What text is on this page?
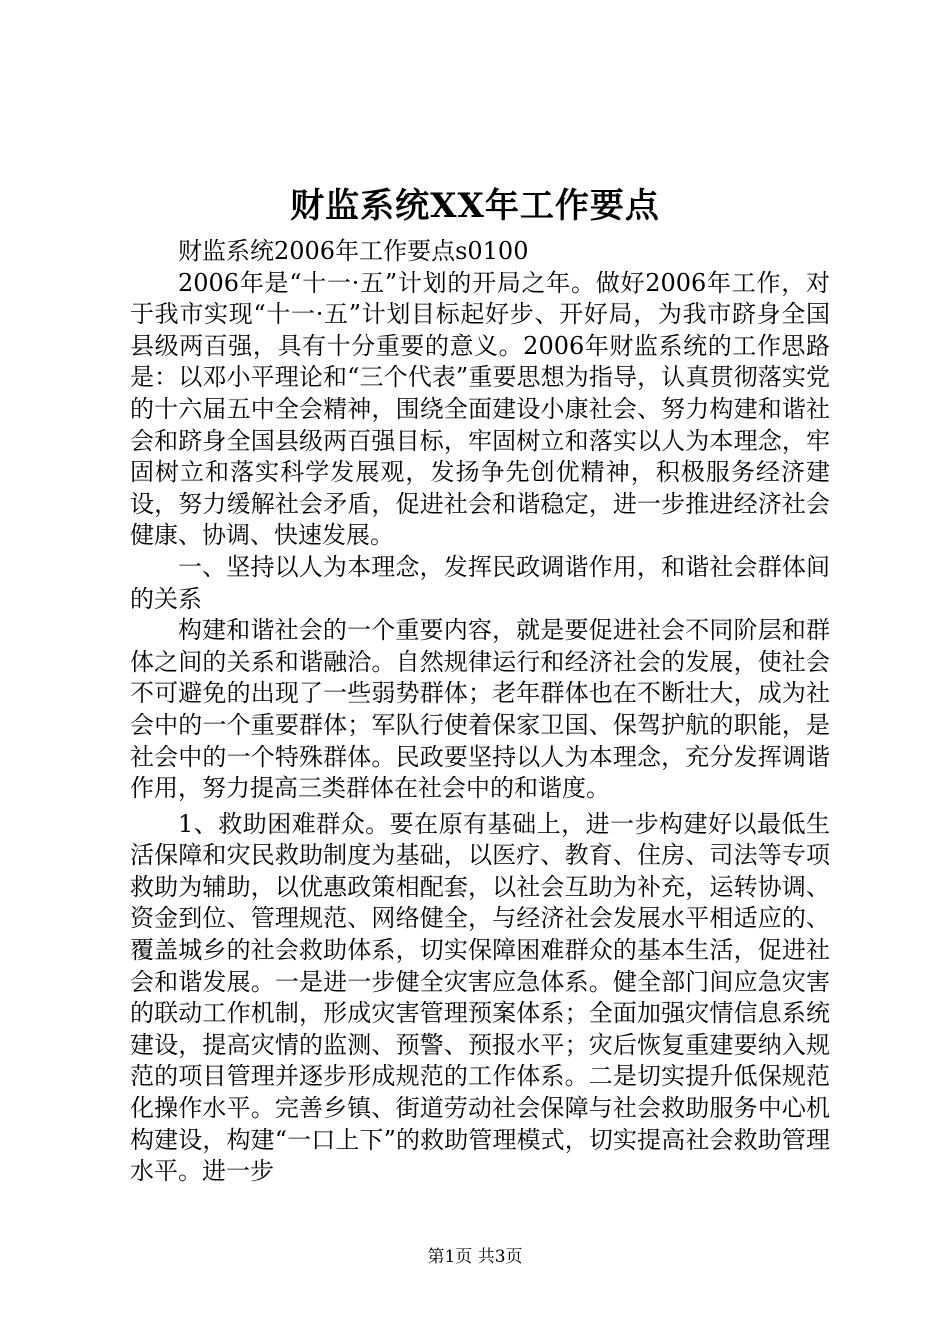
财监系统XX年工作要点

财监系统2006年工作要点s0100

2006年是“十一·五”计划的开局之年。做好2006年工作，对于我市实现“十一·五”计划目标起好步、开好局，为我市跻身全国县级两百强，具有十分重要的意义。2006年财监系统的工作思路是：以邓小平理论和“三个代表”重要思想为指导，认真贯彻落实党的十六届五中全会精神，围绕全面建设小康社会、努力构建和谐社会和跻身全国县级两百强目标，牢固树立和落实以人为本理念，牢固树立和落实科学发展观，发扬争先创优精神，积极服务经济建设，努力缓解社会矛盾，促进社会和谐稳定，进一步推进经济社会健康、协调、快速发展。

一、坚持以人为本理念，发挥民政调谐作用，和谐社会群体间的关系

构建和谐社会的一个重要内容，就是要促进社会不同阶层和群体之间的关系和谐融洽。自然规律运行和经济社会的发展，使社会不可避免的出现了一些弱势群体；老年群体也在不断壮大，成为社会中的一个重要群体；军队行使着保家卫国、保驾护航的职能，是社会中的一个特殊群体。民政要坚持以人为本理念，充分发挥调谐作用，努力提高三类群体在社会中的和谐度。

1、救助困难群众。要在原有基础上，进一步构建好以最低生活保障和灾民救助制度为基础，以医疗、教育、住房、司法等专项救助为辅助，以优惠政策相配套，以社会互助为补充，运转协调、资金到位、管理规范、网络健全，与经济社会发展水平相适应的、覆盖城乡的社会救助体系，切实保障困难群众的基本生活，促进社会和谐发展。一是进一步健全灾害应急体系。健全部门间应急灾害的联动工作机制，形成灾害管理预案体系；全面加强灾情信息系统建设，提高灾情的监测、预警、预报水平；灾后恢复重建要纳入规范的项目管理并逐步形成规范的工作体系。二是切实提升低保规范化操作水平。完善乡镇、街道劳动社会保障与社会救助服务中心机构建设，构建“一口上下”的救助管理模式，切实提高社会救助管理水平。进一步

第1页 共3页
